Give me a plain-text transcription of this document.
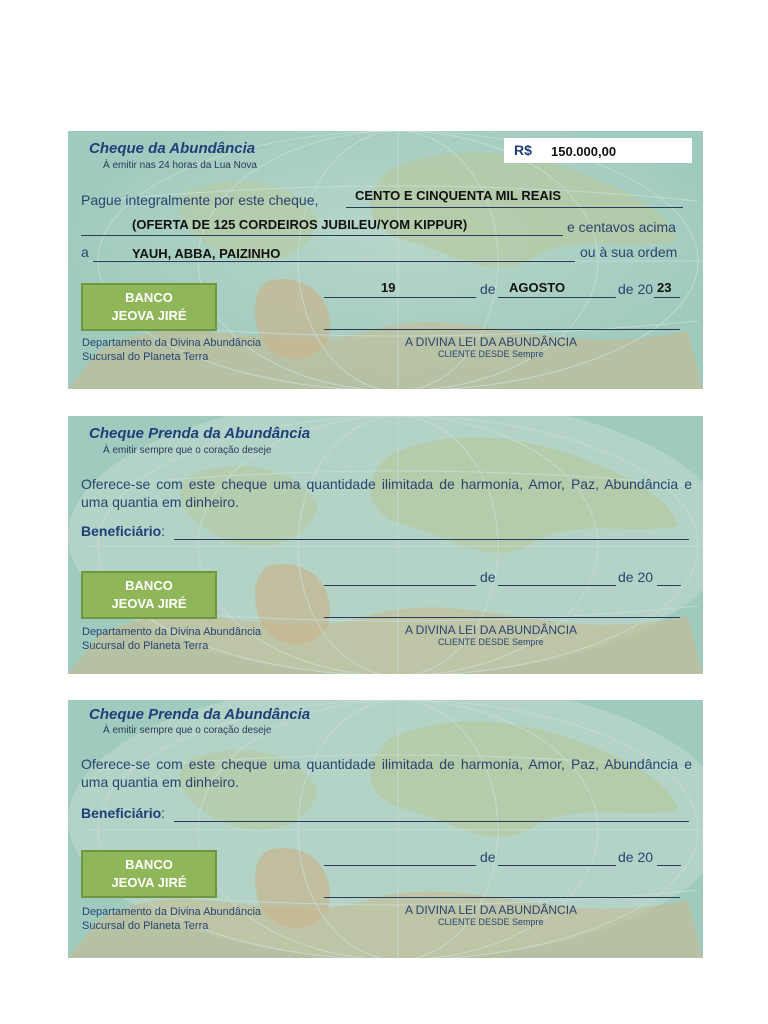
Cheque da Abundância
À emitir nas 24 horas da Lua Nova
R$ 150.000,00
Pague integralmente por este cheque,	CENTO E CINQUENTA MIL REAIS
(OFERTA DE 125 CORDEIROS JUBILEU/YOM KIPPUR)	e centavos acima
a	YAUH, ABBA, PAIZINHO	ou à sua ordem
BANCO
JEOVA JIRÉ
19	de AGOSTO	de 20 23
Departamento da Divina Abundância
Sucursal do Planeta Terra
A DIVINA LEI DA ABUNDÂNCIA
CLIENTE DESDE Sempre
Cheque Prenda da Abundância
À emitir sempre que o coração deseje
Oferece-se com este cheque uma quantidade ilimitada de harmonia, Amor, Paz, Abundância e uma quantia em dinheiro.
Beneficiário:
BANCO
JEOVA JIRÉ
de	de 20
Departamento da Divina Abundância
Sucursal do Planeta Terra
A DIVINA LEI DA ABUNDÂNCIA
CLIENTE DESDE Sempre
Cheque Prenda da Abundância
À emitir sempre que o coração deseje
Oferece-se com este cheque uma quantidade ilimitada de harmonia, Amor, Paz, Abundância e uma quantia em dinheiro.
Beneficiário:
BANCO
JEOVA JIRÉ
de	de 20
Departamento da Divina Abundância
Sucursal do Planeta Terra
A DIVINA LEI DA ABUNDÂNCIA
CLIENTE DESDE Sempre
